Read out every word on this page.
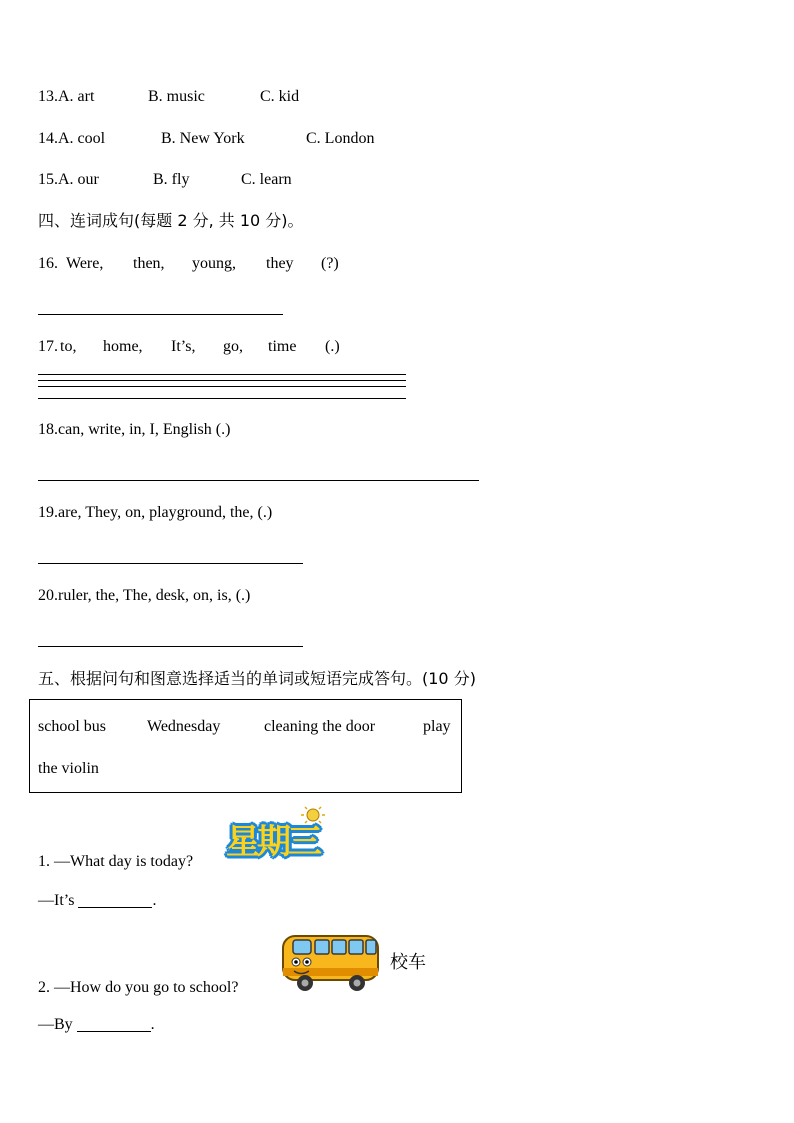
13.A. art	B. music	C. kid
14.A. cool	B. New York	C. London
15.A. our	B. fly	C. learn
四、连词成句(每题 2 分, 共 10 分)。
16. Were, then, young, they (?)
17. to, home, It’s, go, time (.)
18.can, write, in, I, English (.)
19.are, They, on, playground, the, (.)
20.ruler, the, The, desk, on, is, (.)
五、根据问句和图意选择适当的单词或短语完成答句。(10 分)
school bus	Wednesday	cleaning the door	play
the violin
星期三
1. —What day is today?
—It’s	.
校车
2. —How do you go to school?
—By	.
